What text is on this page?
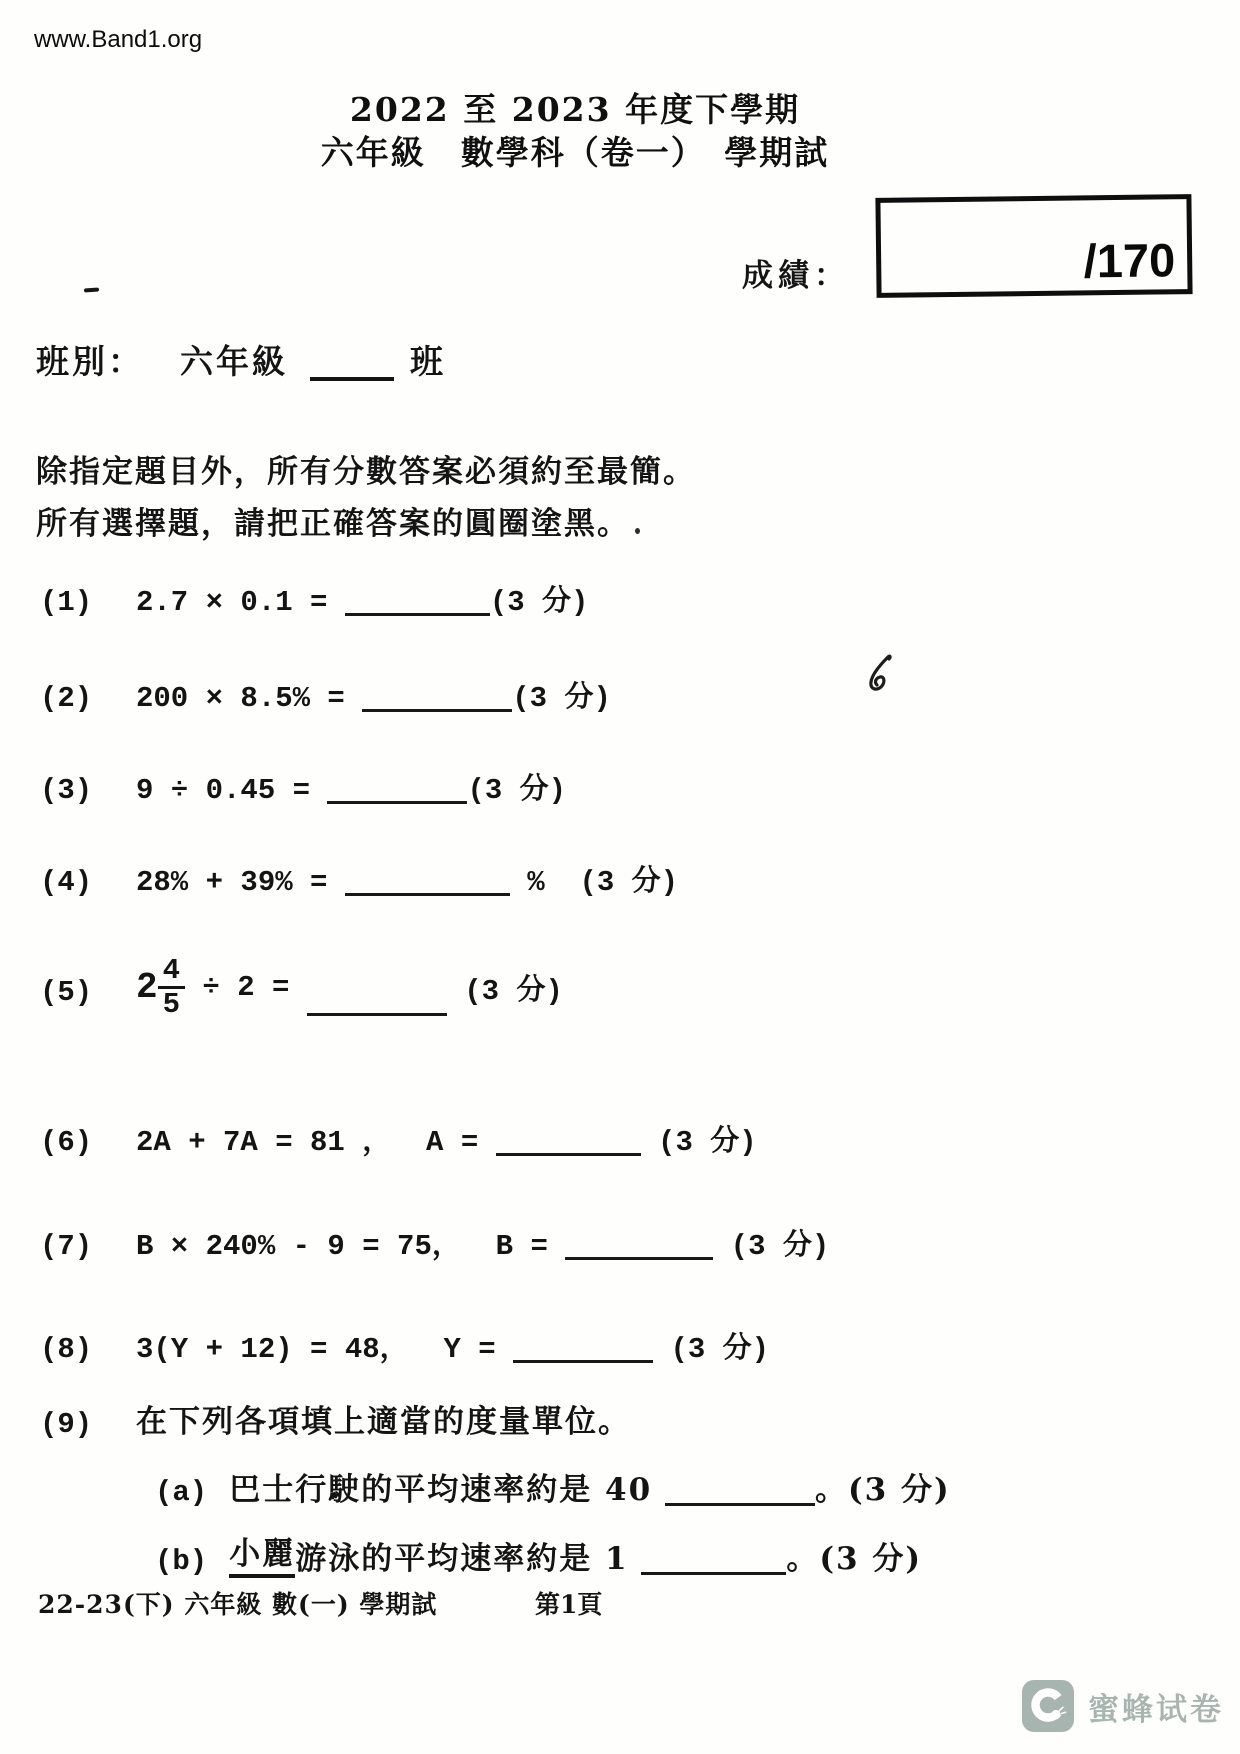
www.Band1.org
2022 至 2023 年度下學期
六年級　數學科（卷一）　學期試
成績：	/170
班別： 六年級	班
除指定題目外，所有分數答案必須約至最簡。
所有選擇題，請把正確答案的圓圈塗黑。
(1)	2.7 × 0.1 =	(3 分)
(2)	200 × 8.5% =	(3 分)
(3)	9 ÷ 0.45 =	(3 分)
(4)	28% + 39% =	% (3 分)
(5) $2 \frac{4}{5} \div 2$ =	(3 分)
(6)	2A + 7A = 81 ，  A =	(3 分)
(7)	B × 240% - 9 = 75，  B =	(3 分)
(8)	3(Y + 12) = 48，  Y =	(3 分)
(9)	在下列各項填上適當的度量單位。
(a) 巴士行駛的平均速率約是 40	。(3 分)
(b) 小麗 游泳的平均速率約是 1	。(3 分)
22-23(下) 六年級 數(一) 學期試	第1頁
蜜蜂试卷
